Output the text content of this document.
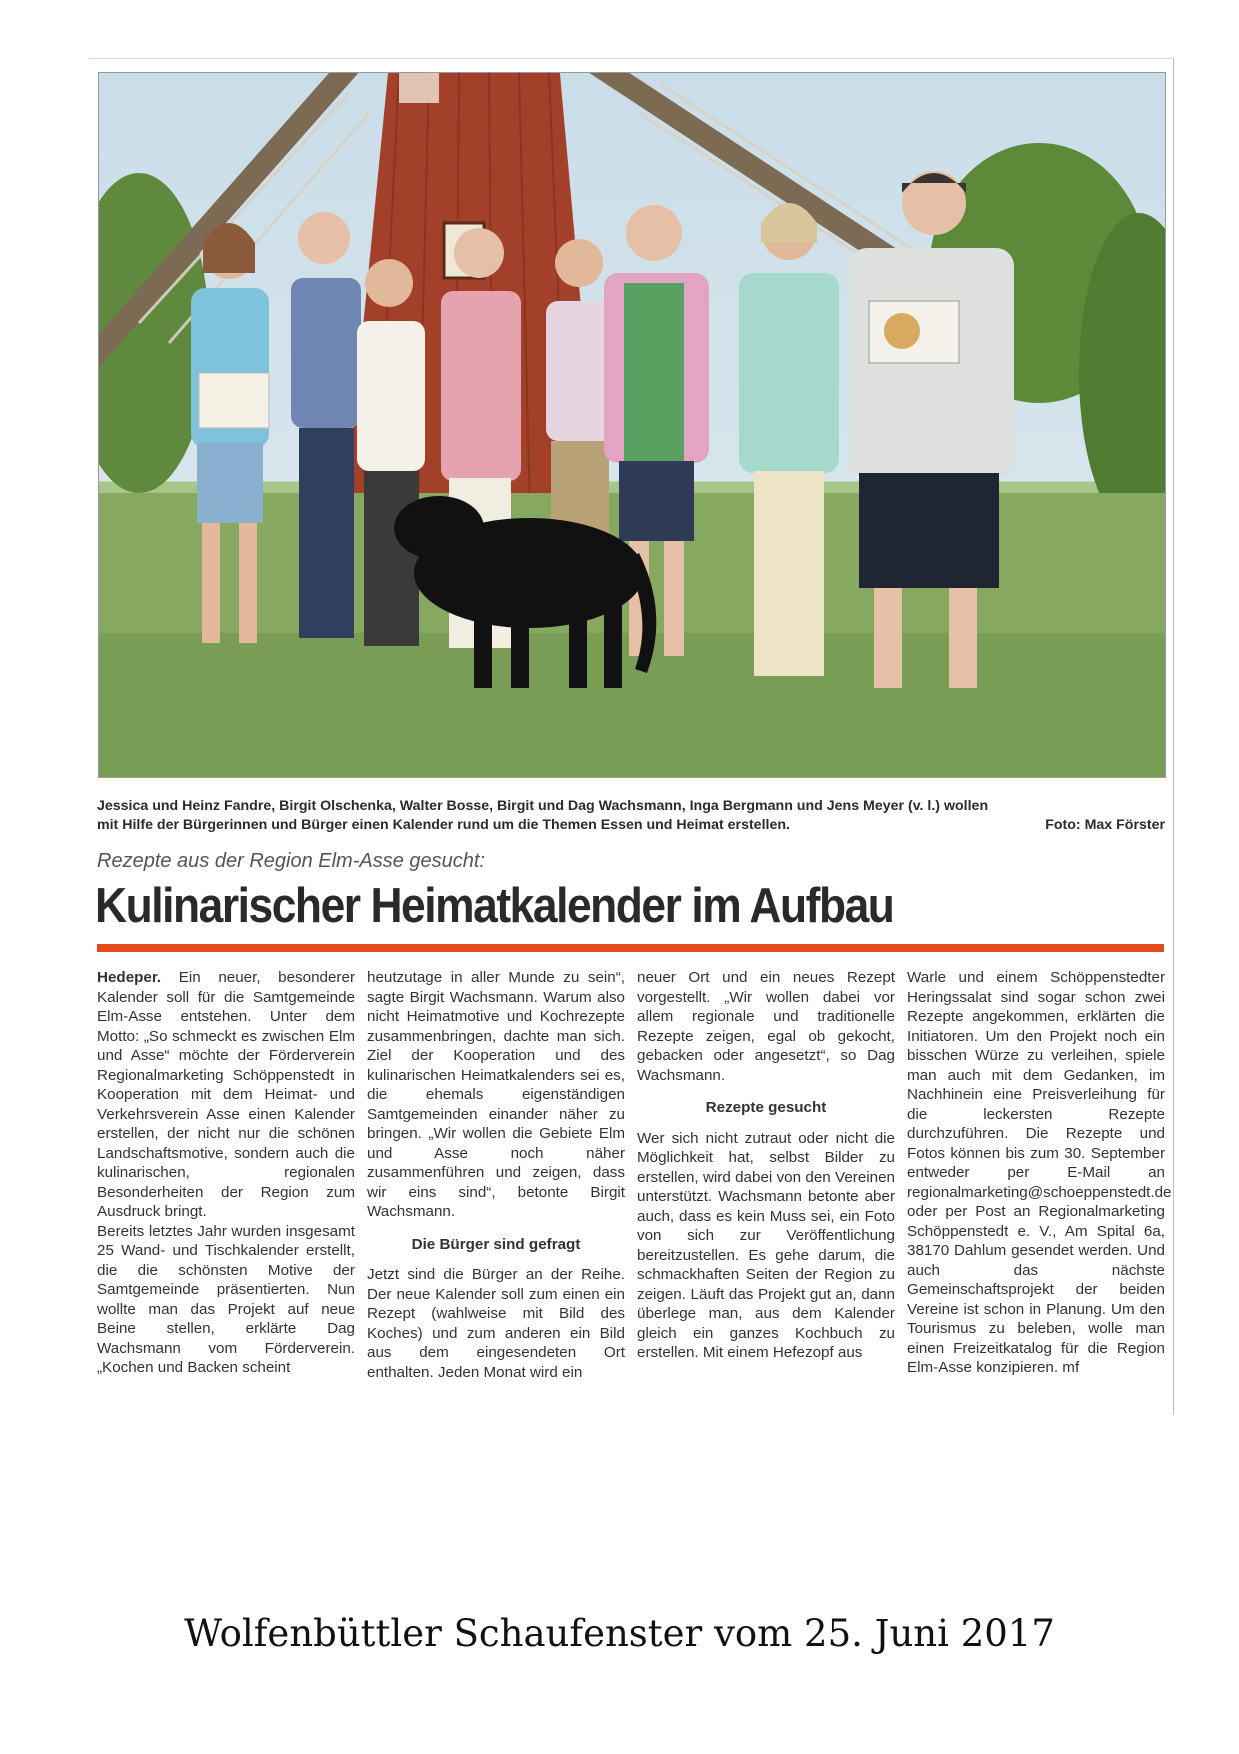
Jessica und Heinz Fandre, Birgit Olschenka, Walter Bosse, Birgit und Dag Wachsmann, Inga Bergmann und Jens Meyer (v. l.) wollen
mit Hilfe der Bürgerinnen und Bürger einen Kalender rund um die Themen Essen und Heimat erstellen.	Foto: Max Förster
Rezepte aus der Region Elm-Asse gesucht:
Kulinarischer Heimatkalender im Aufbau

Hedeper. Ein neuer, besonderer Kalender soll für die Samtgemeinde Elm-Asse entstehen. Unter dem Motto: „So schmeckt es zwischen Elm und Asse“ möchte der Förderverein Regionalmarketing Schöppenstedt in Kooperation mit dem Heimat- und Verkehrsverein Asse einen Kalender erstellen, der nicht nur die schönen Landschaftsmotive, sondern auch die kulinarischen, regionalen Besonderheiten der Region zum Ausdruck bringt.

Bereits letztes Jahr wurden insgesamt 25 Wand- und Tischkalender erstellt, die die schönsten Motive der Samtgemeinde präsentierten. Nun wollte man das Projekt auf neue Beine stellen, erklärte Dag Wachsmann vom Förderverein. „Kochen und Backen scheint

heutzutage in aller Munde zu sein“, sagte Birgit Wachsmann. Warum also nicht Heimatmotive und Kochrezepte zusammenbringen, dachte man sich. Ziel der Kooperation und des kulinarischen Heimatkalenders sei es, die ehemals eigenständigen Samtgemeinden einander näher zu bringen. „Wir wollen die Gebiete Elm und Asse noch näher zusammenführen und zeigen, dass wir eins sind“, betonte Birgit Wachsmann.

Die Bürger sind gefragt

Jetzt sind die Bürger an der Reihe. Der neue Kalender soll zum einen ein Rezept (wahlweise mit Bild des Koches) und zum anderen ein Bild aus dem eingesendeten Ort enthalten. Jeden Monat wird ein

neuer Ort und ein neues Rezept vorgestellt. „Wir wollen dabei vor allem regionale und traditionelle Rezepte zeigen, egal ob gekocht, gebacken oder angesetzt“, so Dag Wachsmann.

Rezepte gesucht

Wer sich nicht zutraut oder nicht die Möglichkeit hat, selbst Bilder zu erstellen, wird dabei von den Vereinen unterstützt. Wachsmann betonte aber auch, dass es kein Muss sei, ein Foto von sich zur Veröffentlichung bereitzustellen. Es gehe darum, die schmackhaften Seiten der Region zu zeigen. Läuft das Projekt gut an, dann überlege man, aus dem Kalender gleich ein ganzes Kochbuch zu erstellen. Mit einem Hefezopf aus

Warle und einem Schöppenstedter Heringssalat sind sogar schon zwei Rezepte angekommen, erklärten die Initiatoren. Um den Projekt noch ein bisschen Würze zu verleihen, spiele man auch mit dem Gedanken, im Nachhinein eine Preisverleihung für die leckersten Rezepte durchzuführen. Die Rezepte und Fotos können bis zum 30. September entweder per E-Mail an regionalmarketing@schoeppenstedt.de oder per Post an Regionalmarketing Schöppenstedt e. V., Am Spital 6a, 38170 Dahlum gesendet werden. Und auch das nächste Gemeinschaftsprojekt der beiden Vereine ist schon in Planung. Um den Tourismus zu beleben, wolle man einen Freizeitkatalog für die Region Elm-Asse konzipieren. mf

Wolfenbüttler Schaufenster vom 25. Juni 2017
